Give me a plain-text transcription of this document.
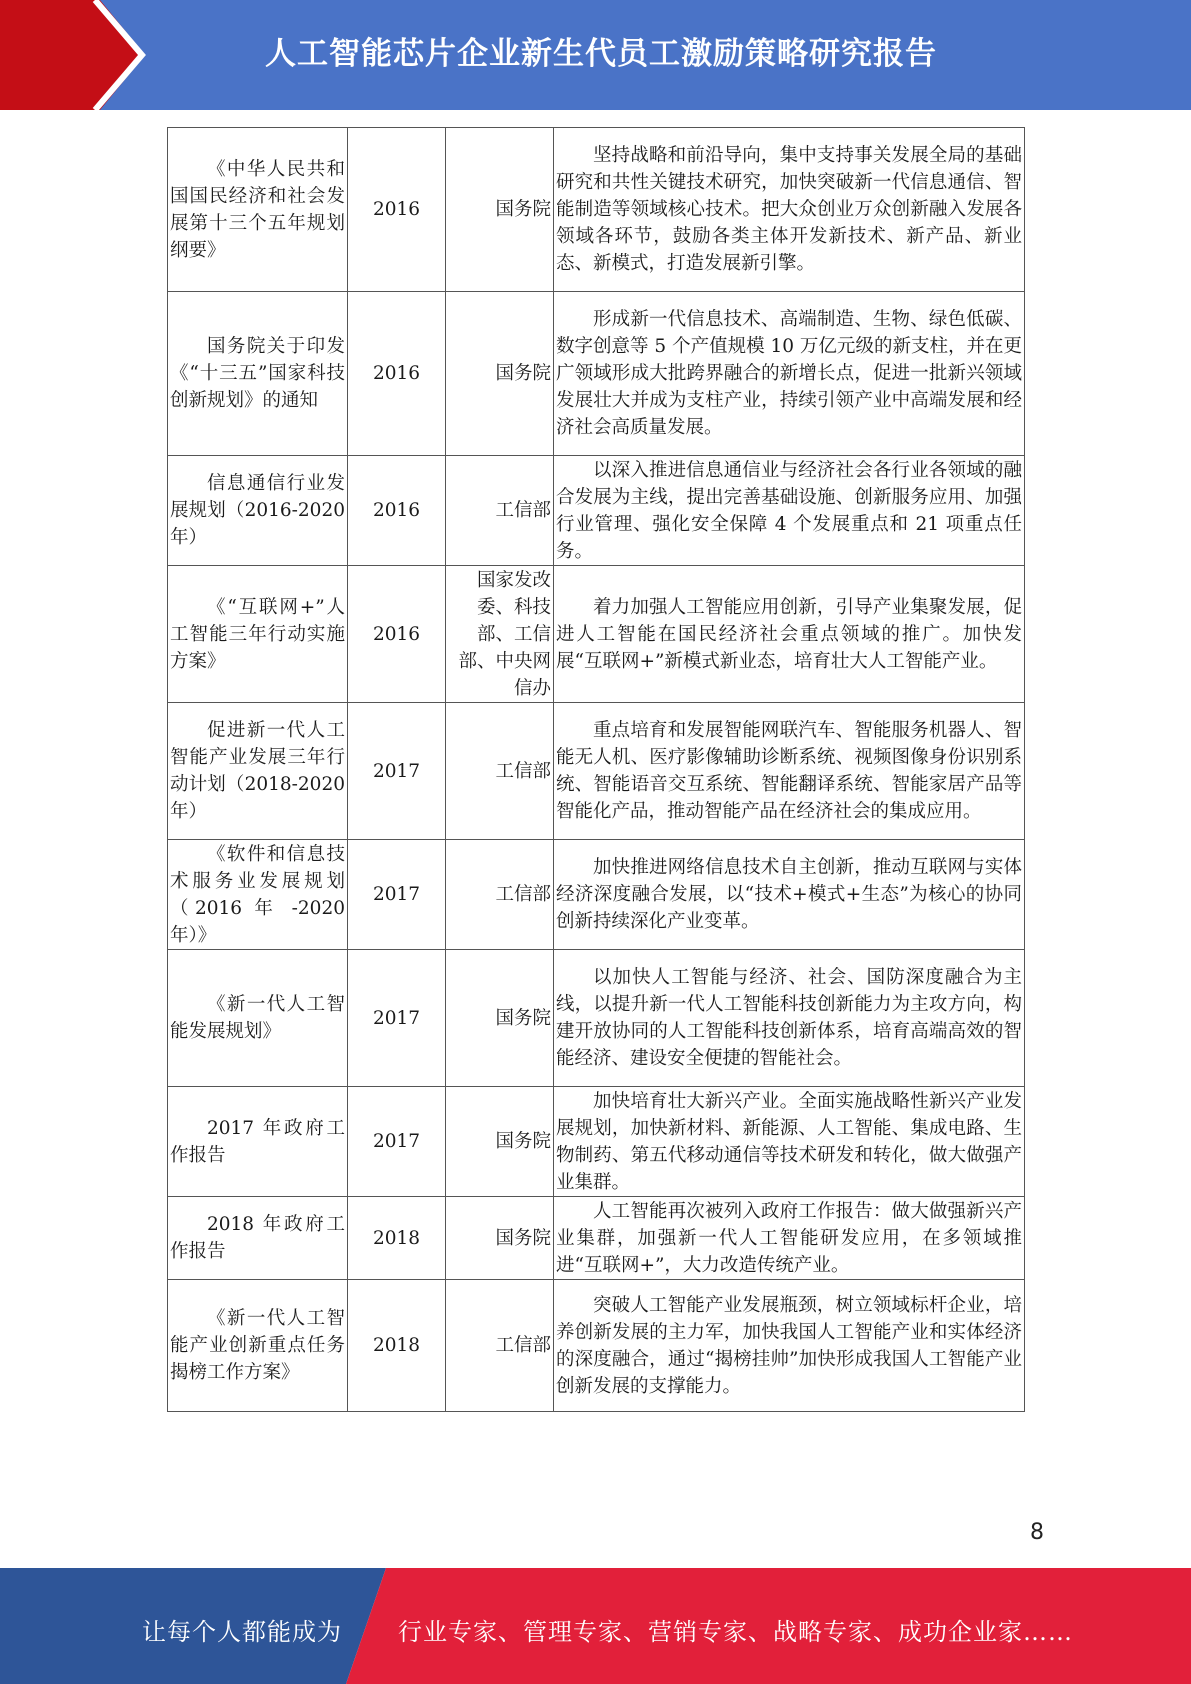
人工智能芯片企业新生代员工激励策略研究报告
《中华人民共和国国民经济和社会发展第十三个五年规划纲要》	2016	国务院	坚持战略和前沿导向，集中支持事关发展全局的基础研究和共性关键技术研究，加快突破新一代信息通信、智能制造等领域核心技术。把大众创业万众创新融入发展各领域各环节，鼓励各类主体开发新技术、新产品、新业态、新模式，打造发展新引擎。

国务院关于印发《“十三五”国家科技创新规划》的通知	2016	国务院	形成新一代信息技术、高端制造、生物、绿色低碳、数字创意等 5 个产值规模 10 万亿元级的新支柱，并在更广领域形成大批跨界融合的新增长点，促进一批新兴领域发展壮大并成为支柱产业，持续引领产业中高端发展和经济社会高质量发展。

信息通信行业发展规划（2016-2020 年）	2016	工信部	以深入推进信息通信业与经济社会各行业各领域的融合发展为主线，提出完善基础设施、创新服务应用、加强行业管理、强化安全保障 4 个发展重点和 21 项重点任务。

《“互联网+”人工智能三年行动实施方案》	2016	国家发改委、科技部、工信部、中央网信办	着力加强人工智能应用创新，引导产业集聚发展，促进人工智能在国民经济社会重点领域的推广。加快发展“互联网+”新模式新业态，培育壮大人工智能产业。

促进新一代人工智能产业发展三年行动计划（2018-2020 年）	2017	工信部	重点培育和发展智能网联汽车、智能服务机器人、智能无人机、医疗影像辅助诊断系统、视频图像身份识别系统、智能语音交互系统、智能翻译系统、智能家居产品等智能化产品，推动智能产品在经济社会的集成应用。

《软件和信息技术服务业发展规划（2016 年 -2020 年）》	2017	工信部	加快推进网络信息技术自主创新，推动互联网与实体经济深度融合发展，以“技术+模式+生态”为核心的协同创新持续深化产业变革。

《新一代人工智能发展规划》	2017	国务院	以加快人工智能与经济、社会、国防深度融合为主线，以提升新一代人工智能科技创新能力为主攻方向，构建开放协同的人工智能科技创新体系，培育高端高效的智能经济、建设安全便捷的智能社会。

2017 年政府工作报告	2017	国务院	加快培育壮大新兴产业。全面实施战略性新兴产业发展规划，加快新材料、新能源、人工智能、集成电路、生物制药、第五代移动通信等技术研发和转化，做大做强产业集群。

2018 年政府工作报告	2018	国务院	人工智能再次被列入政府工作报告：做大做强新兴产业集群，加强新一代人工智能研发应用，在多领域推进“互联网+”，大力改造传统产业。

《新一代人工智能产业创新重点任务揭榜工作方案》	2018	工信部	突破人工智能产业发展瓶颈，树立领域标杆企业，培养创新发展的主力军，加快我国人工智能产业和实体经济的深度融合，通过“揭榜挂帅”加快形成我国人工智能产业创新发展的支撑能力。
8
让每个人都能成为 行业专家、管理专家、营销专家、战略专家、成功企业家……
